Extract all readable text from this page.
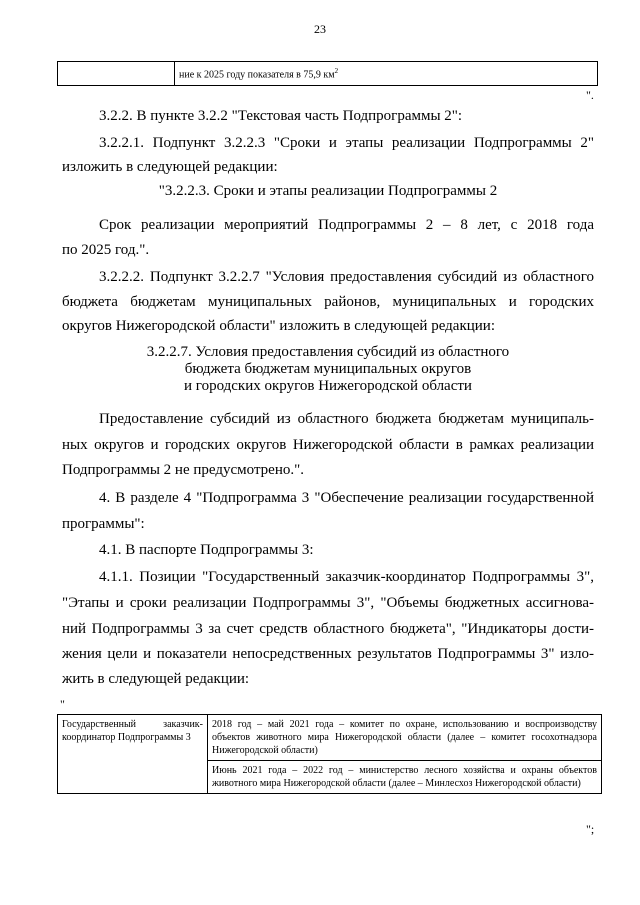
23
	ние к 2025 году показателя в 75,9 $км^2$
".
3.2.2. В пункте 3.2.2 "Текстовая часть Подпрограммы 2":
3.2.2.1. Подпункт 3.2.2.3 "Сроки и этапы реализации Подпрограммы 2"
изложить в следующей редакции:
"3.2.2.3. Сроки и этапы реализации Подпрограммы 2
Срок реализации мероприятий Подпрограммы 2 – 8 лет, с 2018 года
по 2025 год.".
3.2.2.2. Подпункт 3.2.2.7 "Условия предоставления субсидий из областного
бюджета бюджетам муниципальных районов, муниципальных и городских
округов Нижегородской области" изложить в следующей редакции:
3.2.2.7. Условия предоставления субсидий из областного
бюджета бюджетам муниципальных округов
и городских округов Нижегородской области
Предоставление субсидий из областного бюджета бюджетам муниципаль-
ных округов и городских округов Нижегородской области в рамках реализации
Подпрограммы 2 не предусмотрено.".
4. В разделе 4 "Подпрограмма 3 "Обеспечение реализации государственной
программы":
4.1. В паспорте Подпрограммы 3:
4.1.1. Позиции "Государственный заказчик-координатор Подпрограммы 3",
"Этапы и сроки реализации Подпрограммы 3", "Объемы бюджетных ассигнова-
ний Подпрограммы 3 за счет средств областного бюджета", "Индикаторы дости-
жения цели и показатели непосредственных результатов Подпрограммы 3" изло-
жить в следующей редакции:
"
Государственный заказчик-координатор Подпрограммы 3	2018 год – май 2021 года – комитет по охране, использованию и воспроизводству объектов животного мира Нижегородской области (далее – комитет госохотнадзора Нижегородской области)
Июнь 2021 года – 2022 год – министерство лесного хозяйства и охраны объектов животного мира Нижегородской области (далее – Минлесхоз Нижегородской области)
";
